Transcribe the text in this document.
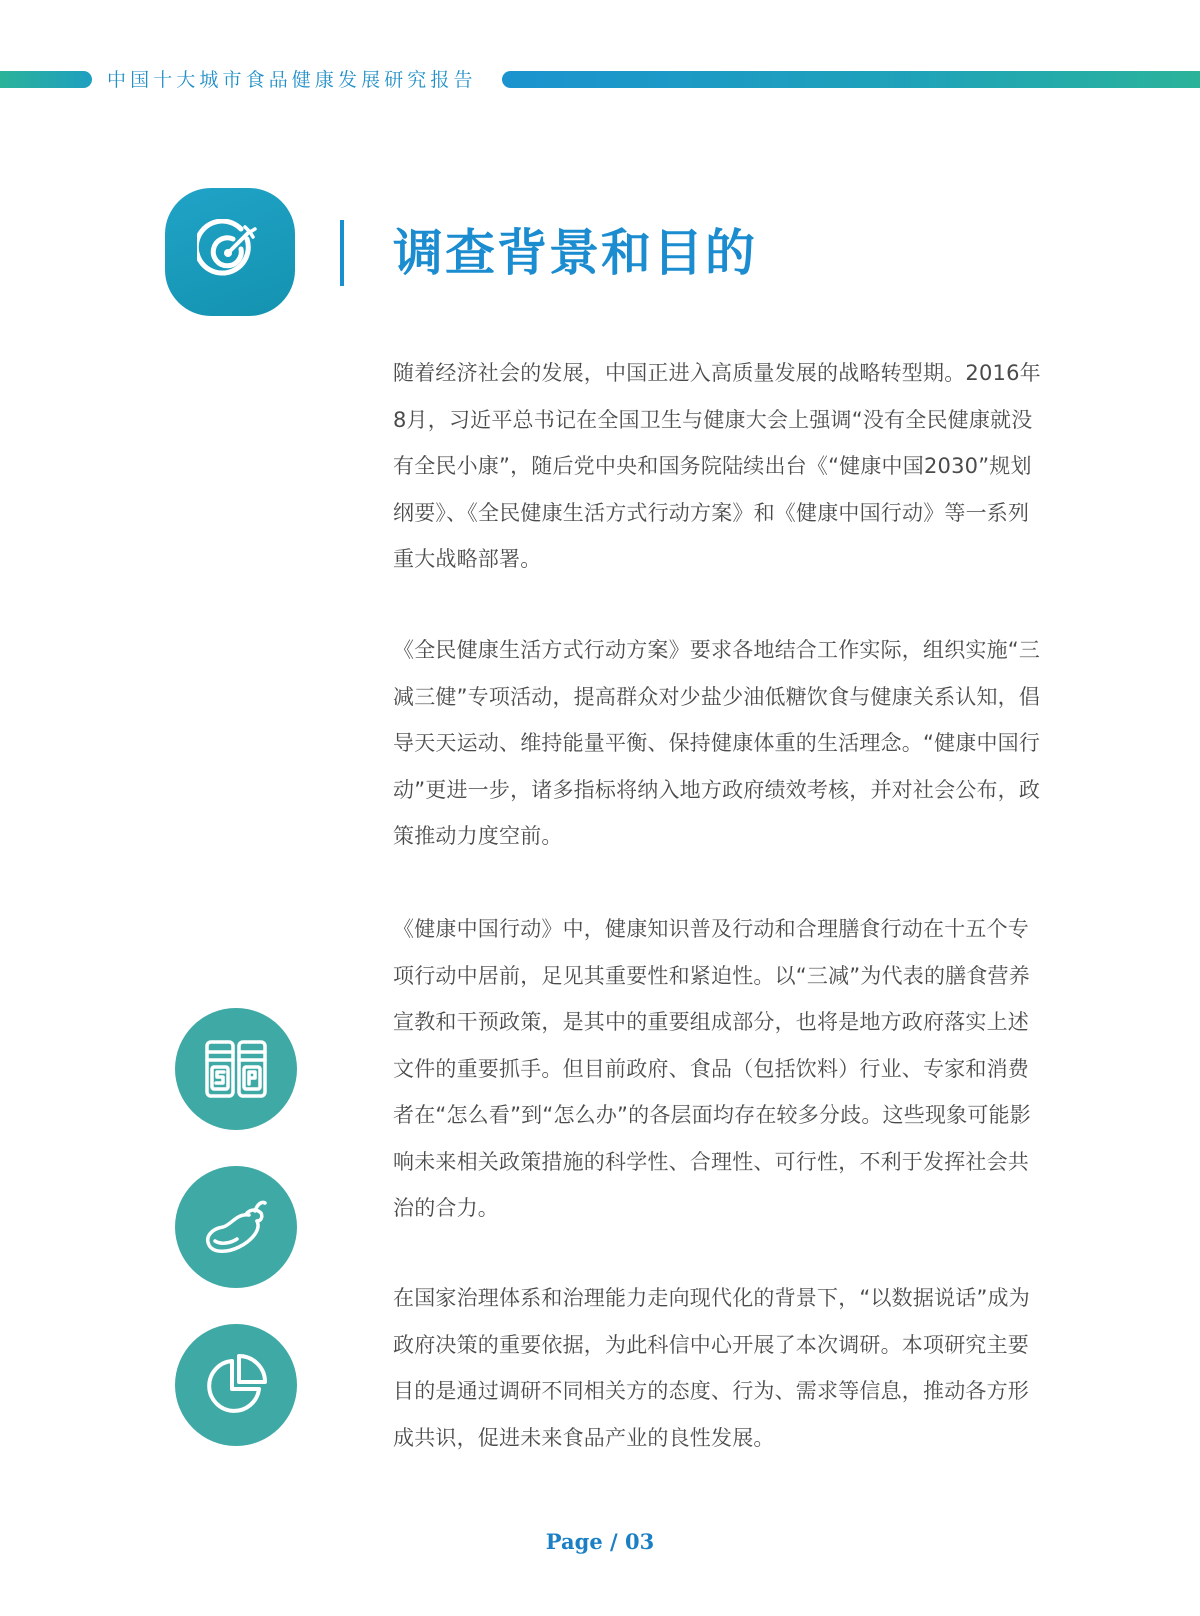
中国十大城市食品健康发展研究报告
调查背景和目的

随着经济社会的发展，中国正进入高质量发展的战略转型期。2016年8月，习近平总书记在全国卫生与健康大会上强调“没有全民健康就没有全民小康”，随后党中央和国务院陆续出台《“健康中国2030”规划纲要》、《全民健康生活方式行动方案》和《健康中国行动》等一系列重大战略部署。

《全民健康生活方式行动方案》要求各地结合工作实际，组织实施“三减三健”专项活动，提高群众对少盐少油低糖饮食与健康关系认知，倡导天天运动、维持能量平衡、保持健康体重的生活理念。“健康中国行动”更进一步，诸多指标将纳入地方政府绩效考核，并对社会公布，政策推动力度空前。

《健康中国行动》中，健康知识普及行动和合理膳食行动在十五个专项行动中居前，足见其重要性和紧迫性。以“三减”为代表的膳食营养宣教和干预政策，是其中的重要组成部分，也将是地方政府落实上述文件的重要抓手。但目前政府、食品（包括饮料）行业、专家和消费者在“怎么看”到“怎么办”的各层面均存在较多分歧。这些现象可能影响未来相关政策措施的科学性、合理性、可行性，不利于发挥社会共治的合力。

在国家治理体系和治理能力走向现代化的背景下，“以数据说话”成为政府决策的重要依据，为此科信中心开展了本次调研。本项研究主要目的是通过调研不同相关方的态度、行为、需求等信息，推动各方形成共识，促进未来食品产业的良性发展。

Page / 03
